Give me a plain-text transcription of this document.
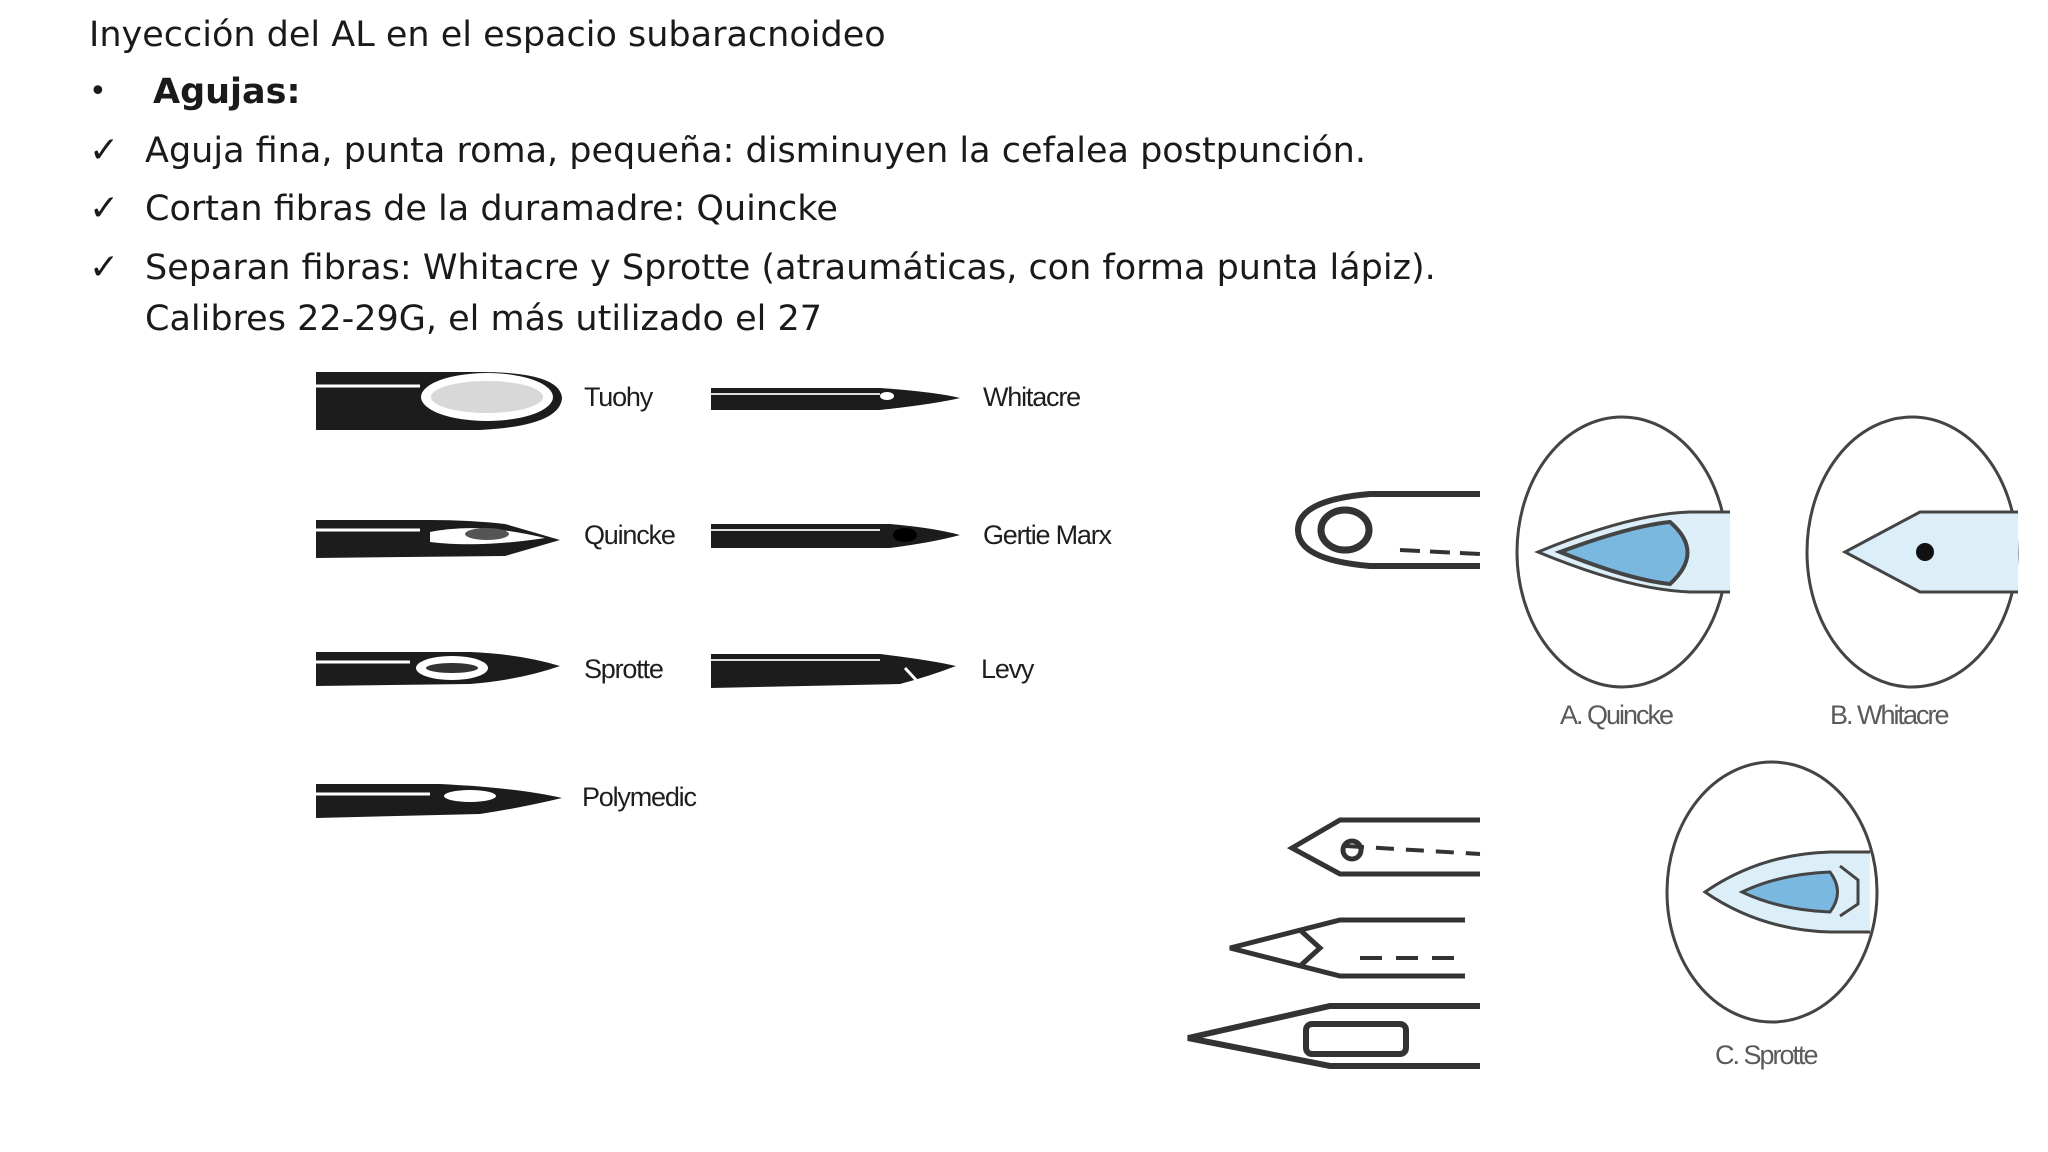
Inyección del AL en el espacio subaracnoideo
• Agujas:
✓ Aguja fina, punta roma, pequeña: disminuyen la cefalea postpunción.
✓ Cortan fibras de la duramadre: Quincke
✓ Separan fibras: Whitacre y Sprotte (atraumáticas, con forma punta lápiz).
Calibres 22-29G, el más utilizado el 27
Tuohy	Whitacre
Quincke	Gertie Marx
Sprotte	Levy
Polymedic
A. Quincke	B. Whitacre
C. Sprotte
